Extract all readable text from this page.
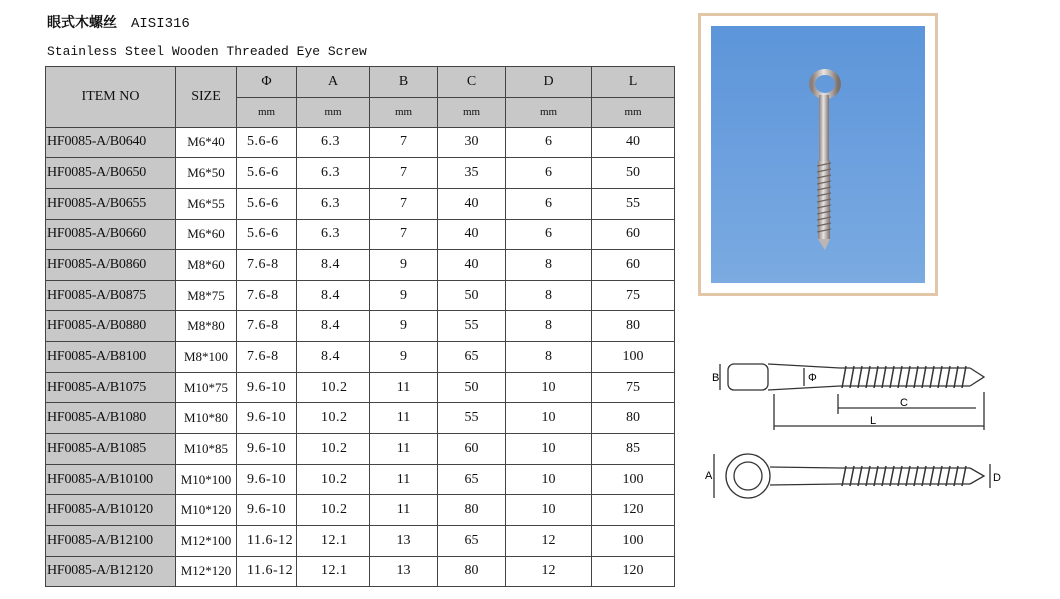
眼式木螺丝 AISI316
Stainless Steel Wooden Threaded Eye Screw
ITEM NO	SIZE	Φ	A	B	C	D	L
		mm	mm	mm	mm	mm	mm
HF0085-A/B0640	M6*40	5.6-6	6.3	7	30	6	40
HF0085-A/B0650	M6*50	5.6-6	6.3	7	35	6	50
HF0085-A/B0655	M6*55	5.6-6	6.3	7	40	6	55
HF0085-A/B0660	M6*60	5.6-6	6.3	7	40	6	60
HF0085-A/B0860	M8*60	7.6-8	8.4	9	40	8	60
HF0085-A/B0875	M8*75	7.6-8	8.4	9	50	8	75
HF0085-A/B0880	M8*80	7.6-8	8.4	9	55	8	80
HF0085-A/B8100	M8*100	7.6-8	8.4	9	65	8	100
HF0085-A/B1075	M10*75	9.6-10	10.2	11	50	10	75
HF0085-A/B1080	M10*80	9.6-10	10.2	11	55	10	80
HF0085-A/B1085	M10*85	9.6-10	10.2	11	60	10	85
HF0085-A/B10100	M10*100	9.6-10	10.2	11	65	10	100
HF0085-A/B10120	M10*120	9.6-10	10.2	11	80	10	120
HF0085-A/B12100	M12*100	11.6-12	12.1	13	65	12	100
HF0085-A/B12120	M12*120	11.6-12	12.1	13	80	12	120
B	Φ
C
L
A	D
